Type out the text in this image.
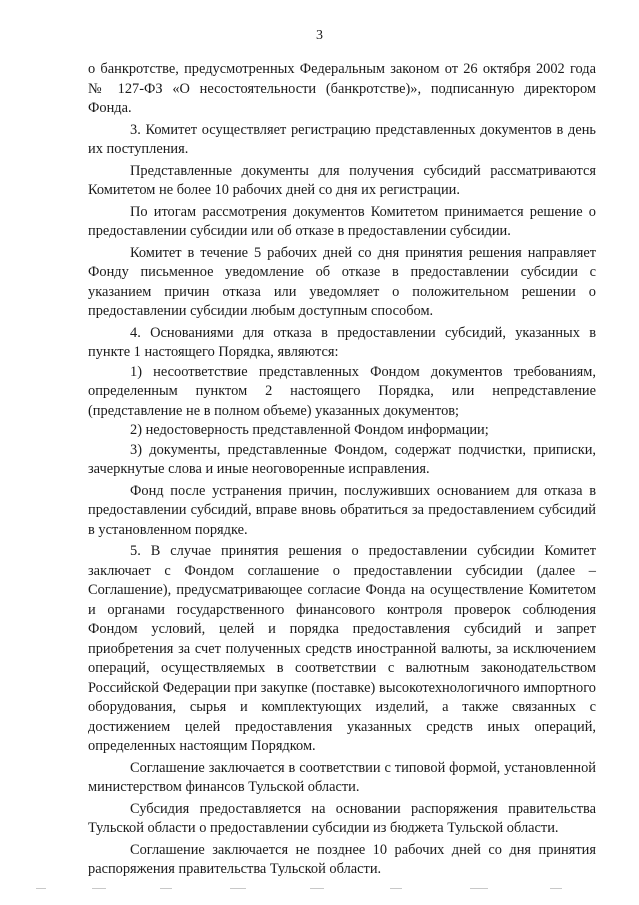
3

о банкротстве, предусмотренных Федеральным законом от 26 октября 2002 года № 127-ФЗ «О несостоятельности (банкротстве)», подписанную директором Фонда.

3. Комитет осуществляет регистрацию представленных документов в день их поступления.

Представленные документы для получения субсидий рассматриваются Комитетом не более 10 рабочих дней со дня их регистрации.

По итогам рассмотрения документов Комитетом принимается решение о предоставлении субсидии или об отказе в предоставлении субсидии.

Комитет в течение 5 рабочих дней со дня принятия решения направляет Фонду письменное уведомление об отказе в предоставлении субсидии с указанием причин отказа или уведомляет о положительном решении о предоставлении субсидии любым доступным способом.

4. Основаниями для отказа в предоставлении субсидий, указанных в пункте 1 настоящего Порядка, являются:

1) несоответствие представленных Фондом документов требованиям, определенным пунктом 2 настоящего Порядка, или непредставление (представление не в полном объеме) указанных документов;

2) недостоверность представленной Фондом информации;

3) документы, представленные Фондом, содержат подчистки, приписки, зачеркнутые слова и иные неоговоренные исправления.

Фонд после устранения причин, послуживших основанием для отказа в предоставлении субсидий, вправе вновь обратиться за предоставлением субсидий в установленном порядке.

5. В случае принятия решения о предоставлении субсидии Комитет заключает с Фондом соглашение о предоставлении субсидии (далее – Соглашение), предусматривающее согласие Фонда на осуществление Комитетом и органами государственного финансового контроля проверок соблюдения Фондом условий, целей и порядка предоставления субсидий и запрет приобретения за счет полученных средств иностранной валюты, за исключением операций, осуществляемых в соответствии с валютным законодательством Российской Федерации при закупке (поставке) высокотехнологичного импортного оборудования, сырья и комплектующих изделий, а также связанных с достижением целей предоставления указанных средств иных операций, определенных настоящим Порядком.

Соглашение заключается в соответствии с типовой формой, установленной министерством финансов Тульской области.

Субсидия предоставляется на основании распоряжения правительства Тульской области о предоставлении субсидии из бюджета Тульской области.

Соглашение заключается не позднее 10 рабочих дней со дня принятия распоряжения правительства Тульской области.
